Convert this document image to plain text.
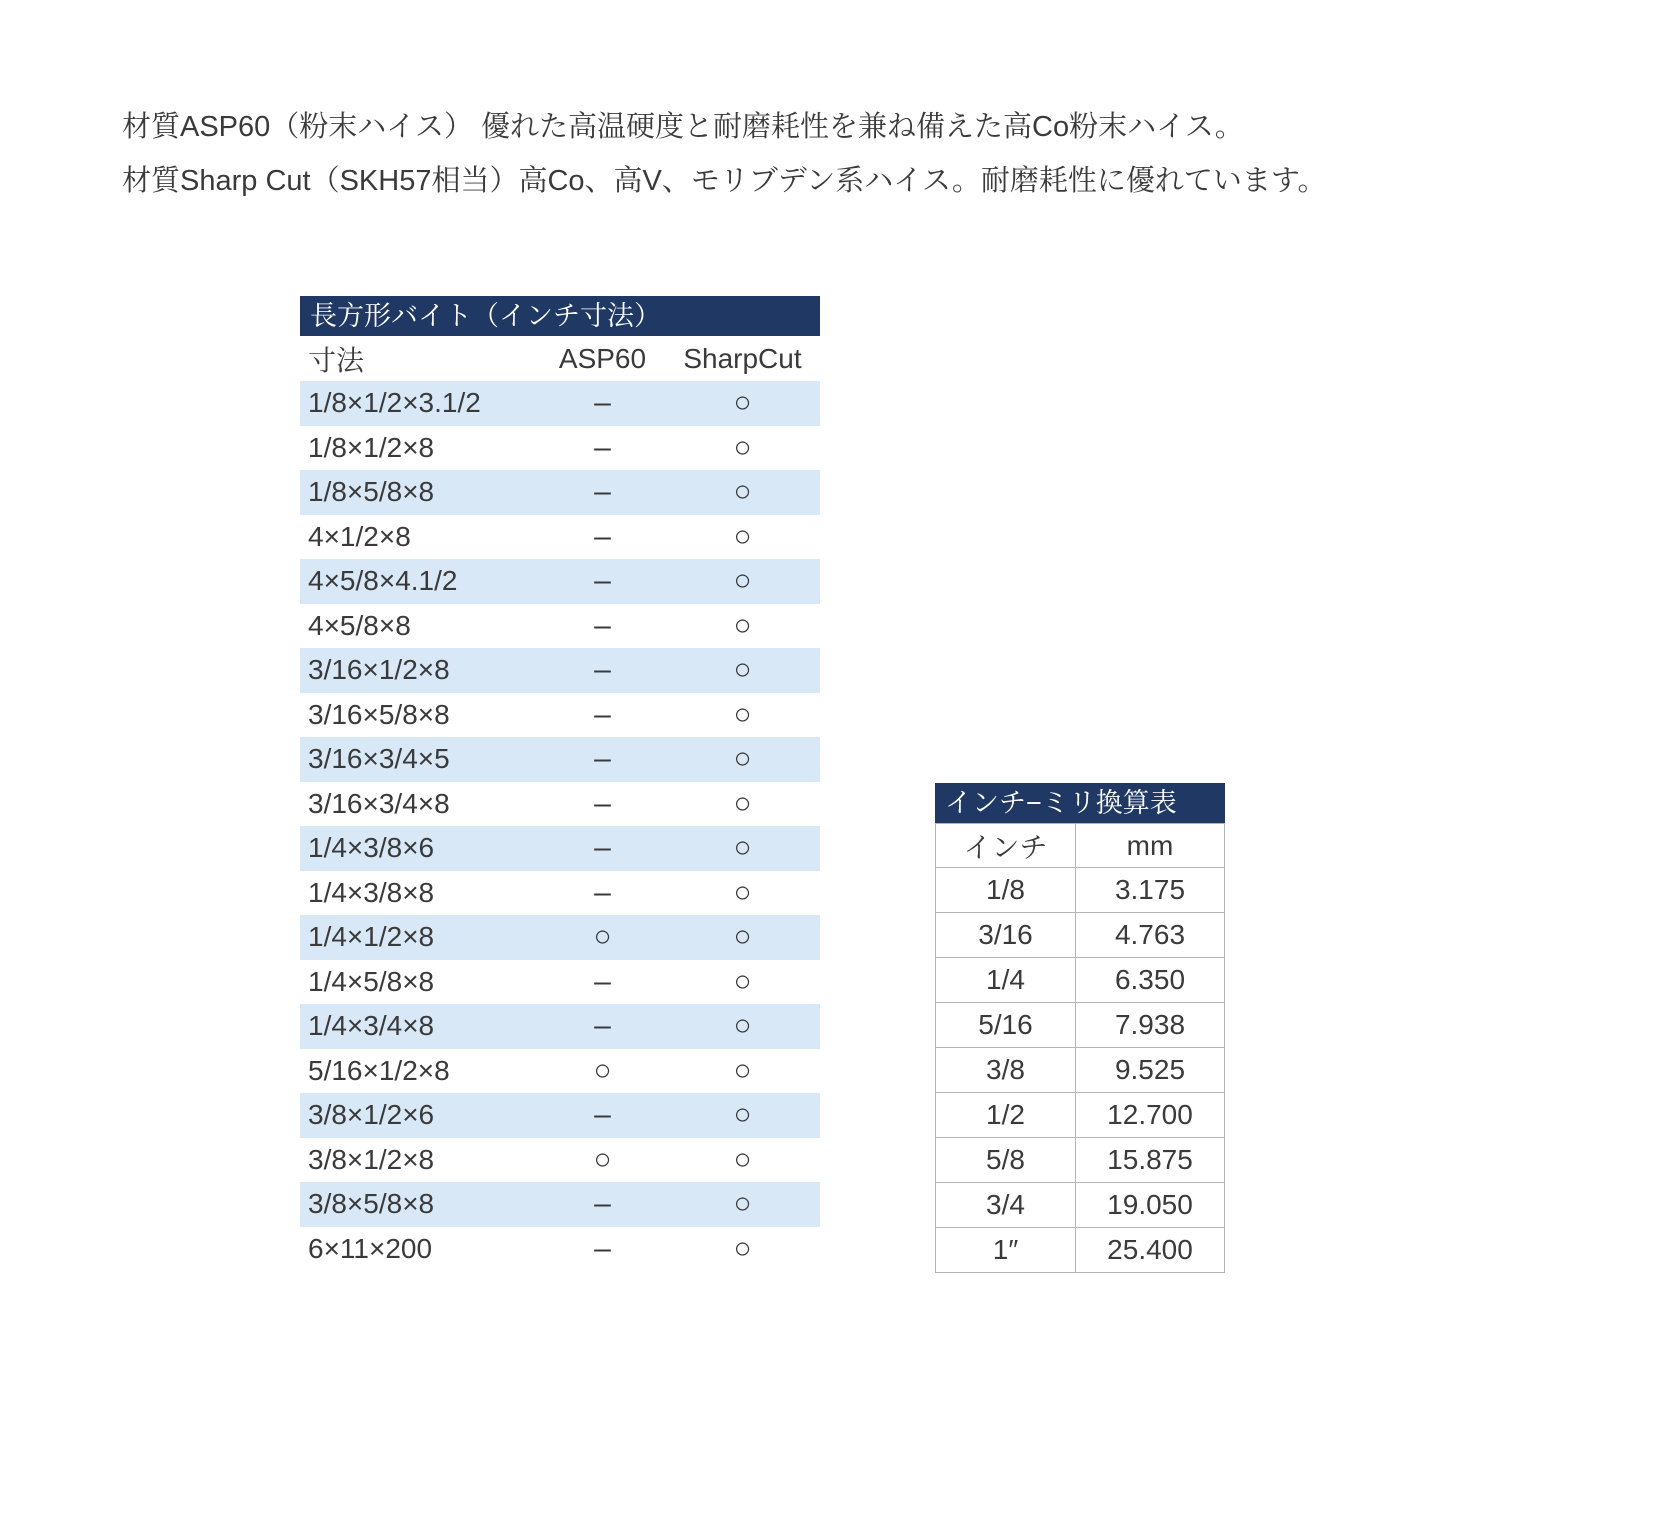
材質ASP60（粉末ハイス） 優れた高温硬度と耐磨耗性を兼ね備えた高Co粉末ハイス。
材質Sharp Cut（SKH57相当）高Co、高V、モリブデン系ハイス。耐磨耗性に優れています。
長方形バイト（インチ寸法）
寸法	ASP60	SharpCut
1/8×1/2×3.1/2	–	○
1/8×1/2×8	–	○
1/8×5/8×8	–	○
4×1/2×8	–	○
4×5/8×4.1/2	–	○
4×5/8×8	–	○
3/16×1/2×8	–	○
3/16×5/8×8	–	○
3/16×3/4×5	–	○
3/16×3/4×8	–	○
1/4×3/8×6	–	○
1/4×3/8×8	–	○
1/4×1/2×8	○	○
1/4×5/8×8	–	○
1/4×3/4×8	–	○
5/16×1/2×8	○	○
3/8×1/2×6	–	○
3/8×1/2×8	○	○
3/8×5/8×8	–	○
6×11×200	–	○
インチ−ミリ換算表
インチ	mm
1/8	3.175
3/16	4.763
1/4	6.350
5/16	7.938
3/8	9.525
1/2	12.700
5/8	15.875
3/4	19.050
1″	25.400
